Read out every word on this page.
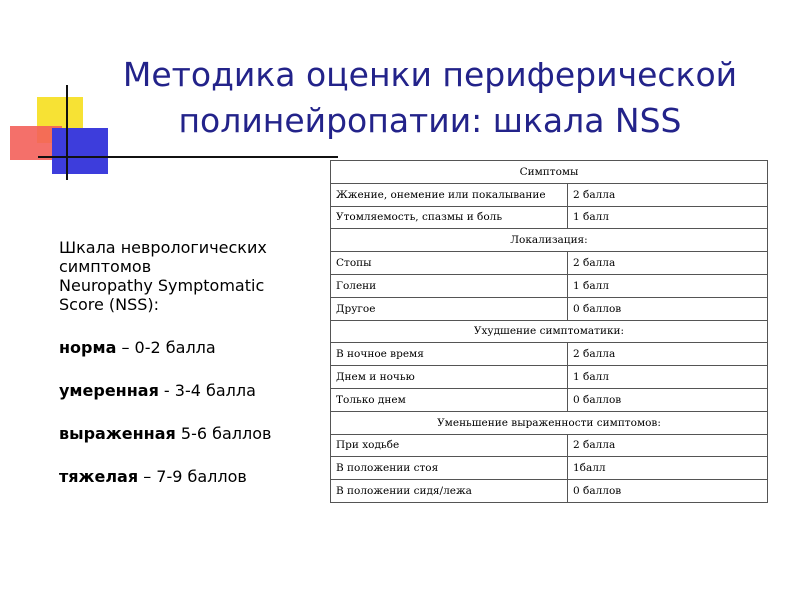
Методика оценки периферической
полинейропатии: шкала NSS
Шкала неврологических
симптомов
Neuropathy Symptomatic
Score (NSS):
норма – 0-2 балла
умеренная - 3-4 балла
выраженная 5-6 баллов
тяжелая – 7-9 баллов
Симптомы	
Жжение, онемение или покалывание	2 балла
Утомляемость, спазмы и боль	1 балл
Локализация:	
Стопы	2 балла
Голени	1 балл
Другое	0 баллов
Ухудшение симптоматики:	
В ночное время	2 балла
Днем и ночью	1 балл
Только днем	0 баллов
Уменьшение выраженности симптомов:	
При ходьбе	2 балла
В положении стоя	1балл
В положении сидя/лежа	0 баллов
